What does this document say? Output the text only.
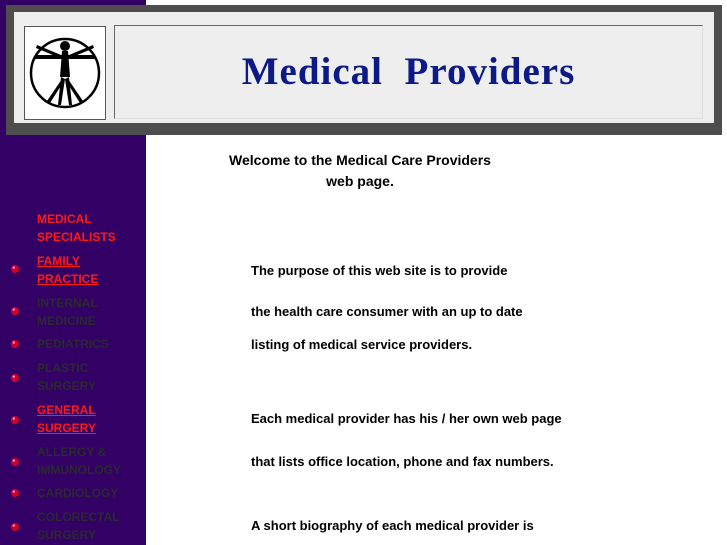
Medical  Providers
Welcome to the Medical Care Providers
web page.
The purpose of this web site is to provide
the health care consumer with an up to date
listing of medical service providers.
Each medical provider has his / her own web page
that lists office location, phone and fax numbers.
A short biography of each medical provider is
MEDICAL
SPECIALISTS
FAMILY
PRACTICE
INTERNAL
MEDICINE
PEDIATRICS
PLASTIC
SURGERY
GENERAL
SURGERY
ALLERGY &
IMMUNOLOGY
CARDIOLOGY
COLORECTAL
SURGERY
